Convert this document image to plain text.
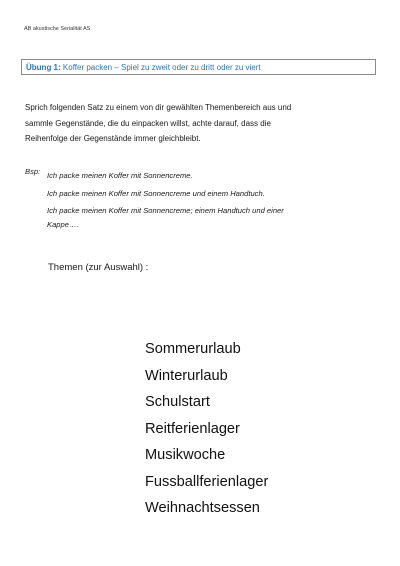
AB akustische Serialität AS
Übung 1: Koffer packen – Spiel zu zweit oder zu dritt oder zu viert
Sprich folgenden Satz zu einem von dir gewählten Themenbereich aus und
sammle Gegenstände, die du einpacken willst, achte darauf, dass die
Reihenfolge der Gegenstände immer gleichbleibt.
Bsp: Ich packe meinen Koffer mit Sonnencreme.
Ich packe meinen Koffer mit Sonnencreme und einem Handtuch.
Ich packe meinen Koffer mit Sonnencreme; einem Handtuch und einer
Kappe….
Themen (zur Auswahl) :
Sommerurlaub
Winterurlaub
Schulstart
Reitferienlager
Musikwoche
Fussballferienlager
Weihnachtsessen
